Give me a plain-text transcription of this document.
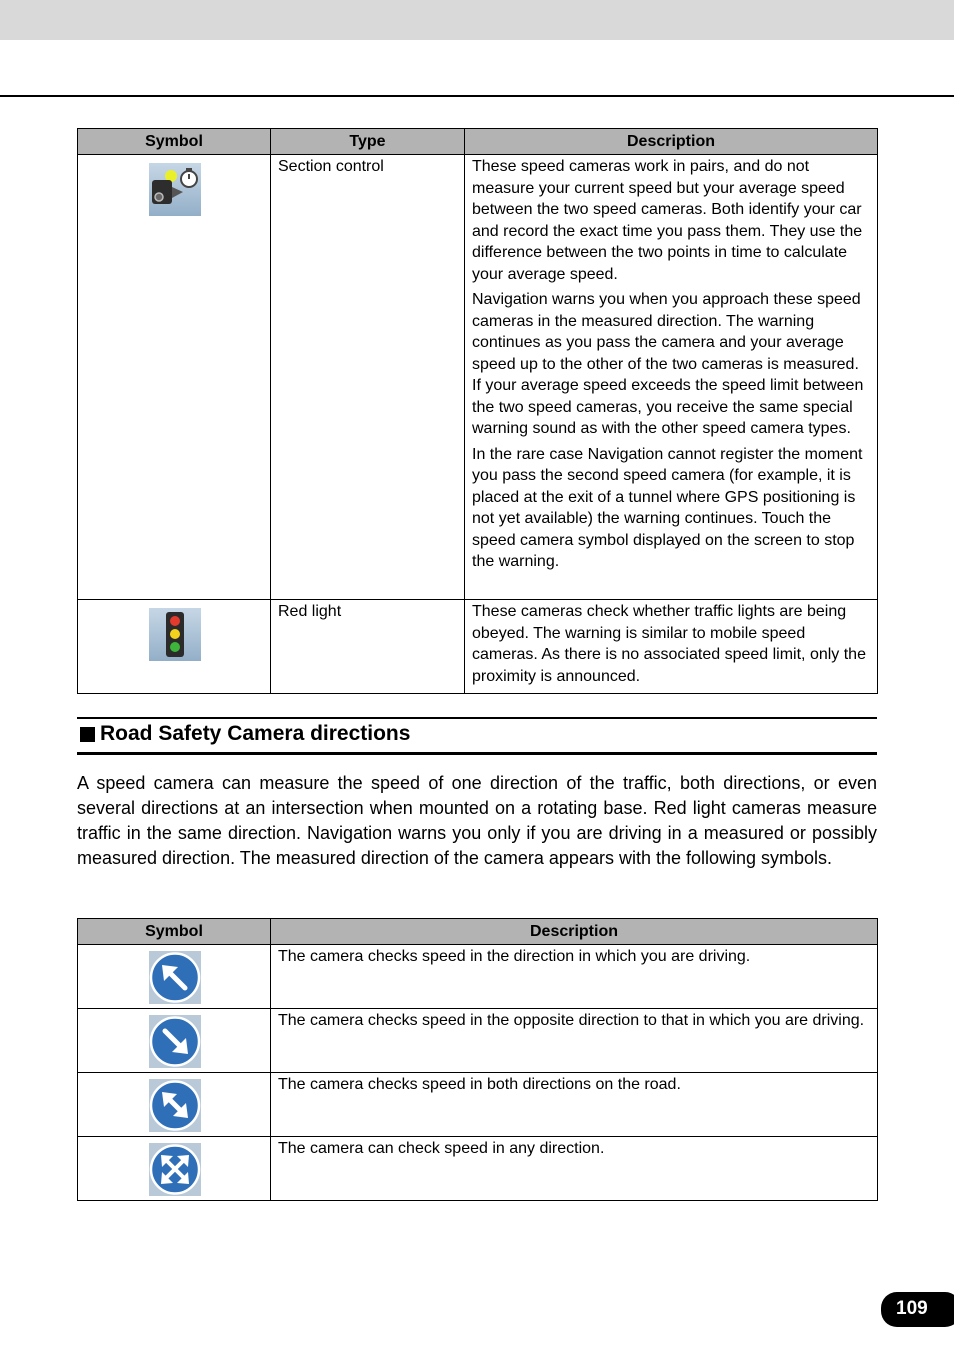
Symbol	Type	Description

	Section control	These speed cameras work in pairs, and do not measure your current speed but your average speed between the two speed cameras. Both identify your car and record the exact time you pass them. They use the difference between the two points in time to calculate your average speed.

Navigation warns you when you approach these speed cameras in the measured direction. The warning continues as you pass the camera and your average speed up to the other of the two cameras is measured. If your average speed exceeds the speed limit between the two speed cameras, you receive the same special warning sound as with the other speed camera types.

In the rare case Navigation cannot register the moment you pass the second speed camera (for example, it is placed at the exit of a tunnel where GPS positioning is not yet available) the warning continues. Touch the speed camera symbol displayed on the screen to stop the warning.

	Red light	These cameras check whether traffic lights are being obeyed. The warning is similar to mobile speed cameras. As there is no associated speed limit, only the proximity is announced.

Road Safety Camera directions

A speed camera can measure the speed of one direction of the traffic, both directions, or even several directions at an intersection when mounted on a rotating base. Red light cameras measure traffic in the same direction. Navigation warns you only if you are driving in a measured or possibly measured direction. The measured direction of the camera appears with the following symbols.

Symbol	Description

	The camera checks speed in the direction in which you are driving.

	The camera checks speed in the opposite direction to that in which you are driving.

	The camera checks speed in both directions on the road.

	The camera can check speed in any direction.
109
